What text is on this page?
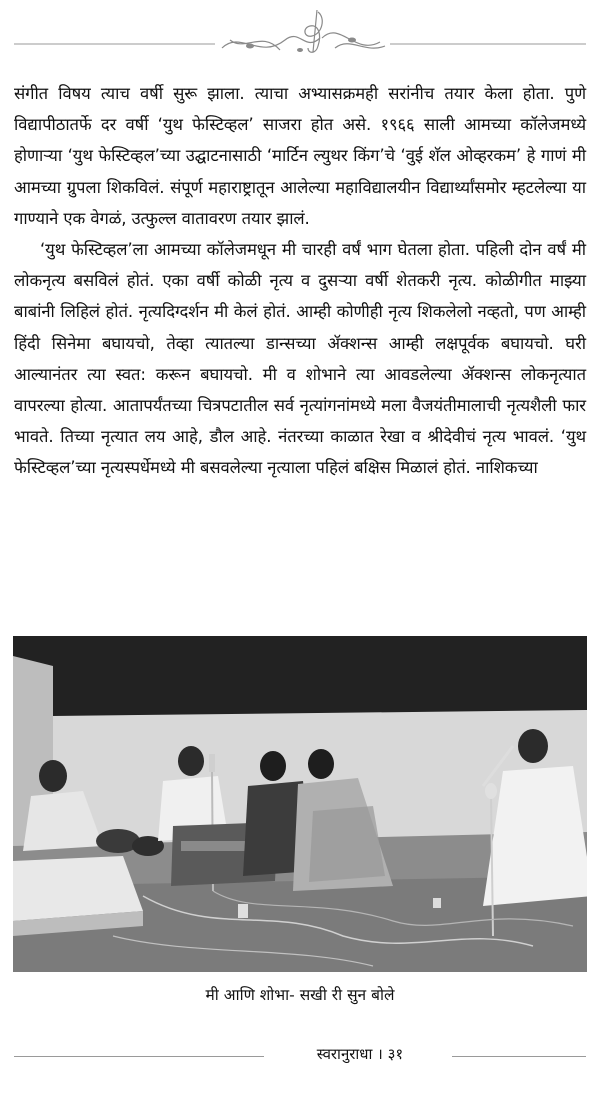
संगीत विषय त्याच वर्षी सुरू झाला. त्याचा अभ्यासक्रमही सरांनीच तयार केला होता. पुणे विद्यापीठातर्फे दर वर्षी ‘युथ फेस्टिव्हल’ साजरा होत असे. १९६६ साली आमच्या कॉलेजमध्ये होणाऱ्या ‘युथ फेस्टिव्हल’च्या उद्घाटनासाठी ‘मार्टिन ल्युथर किंग’चे ‘वुई शॅल ओव्हरकम’ हे गाणं मी आमच्या ग्रुपला शिकविलं. संपूर्ण महाराष्ट्रातून आलेल्या महाविद्यालयीन विद्यार्थ्यांसमोर म्हटलेल्या या गाण्याने एक वेगळं, उत्फुल्ल वातावरण तयार झालं.

‘युथ फेस्टिव्हल’ला आमच्या कॉलेजमधून मी चारही वर्षं भाग घेतला होता. पहिली दोन वर्षं मी लोकनृत्य बसविलं होतं. एका वर्षी कोळी नृत्य व दुसऱ्या वर्षी शेतकरी नृत्य. कोळीगीत माझ्या बाबांनी लिहिलं होतं. नृत्यदिग्दर्शन मी केलं होतं. आम्ही कोणीही नृत्य शिकलेलो नव्हतो, पण आम्ही हिंदी सिनेमा बघायचो, तेव्हा त्यातल्या डान्सच्या ॲक्शन्स आम्ही लक्षपूर्वक बघायचो. घरी आल्यानंतर त्या स्वत: करून बघायचो. मी व शोभाने त्या आवडलेल्या ॲक्शन्स लोकनृत्यात वापरल्या होत्या. आतापर्यंतच्या चित्रपटातील सर्व नृत्यांगनांमध्ये मला वैजयंतीमालाची नृत्यशैली फार भावते. तिच्या नृत्यात लय आहे, डौल आहे. नंतरच्या काळात रेखा व श्रीदेवीचं नृत्य भावलं. ‘युथ फेस्टिव्हल’च्या नृत्यस्पर्धेमध्ये मी बसवलेल्या नृत्याला पहिलं बक्षिस मिळालं होतं. नाशिकच्या

मी आणि शोभा- सखी री सुन बोले
स्वरानुराधा । ३१
